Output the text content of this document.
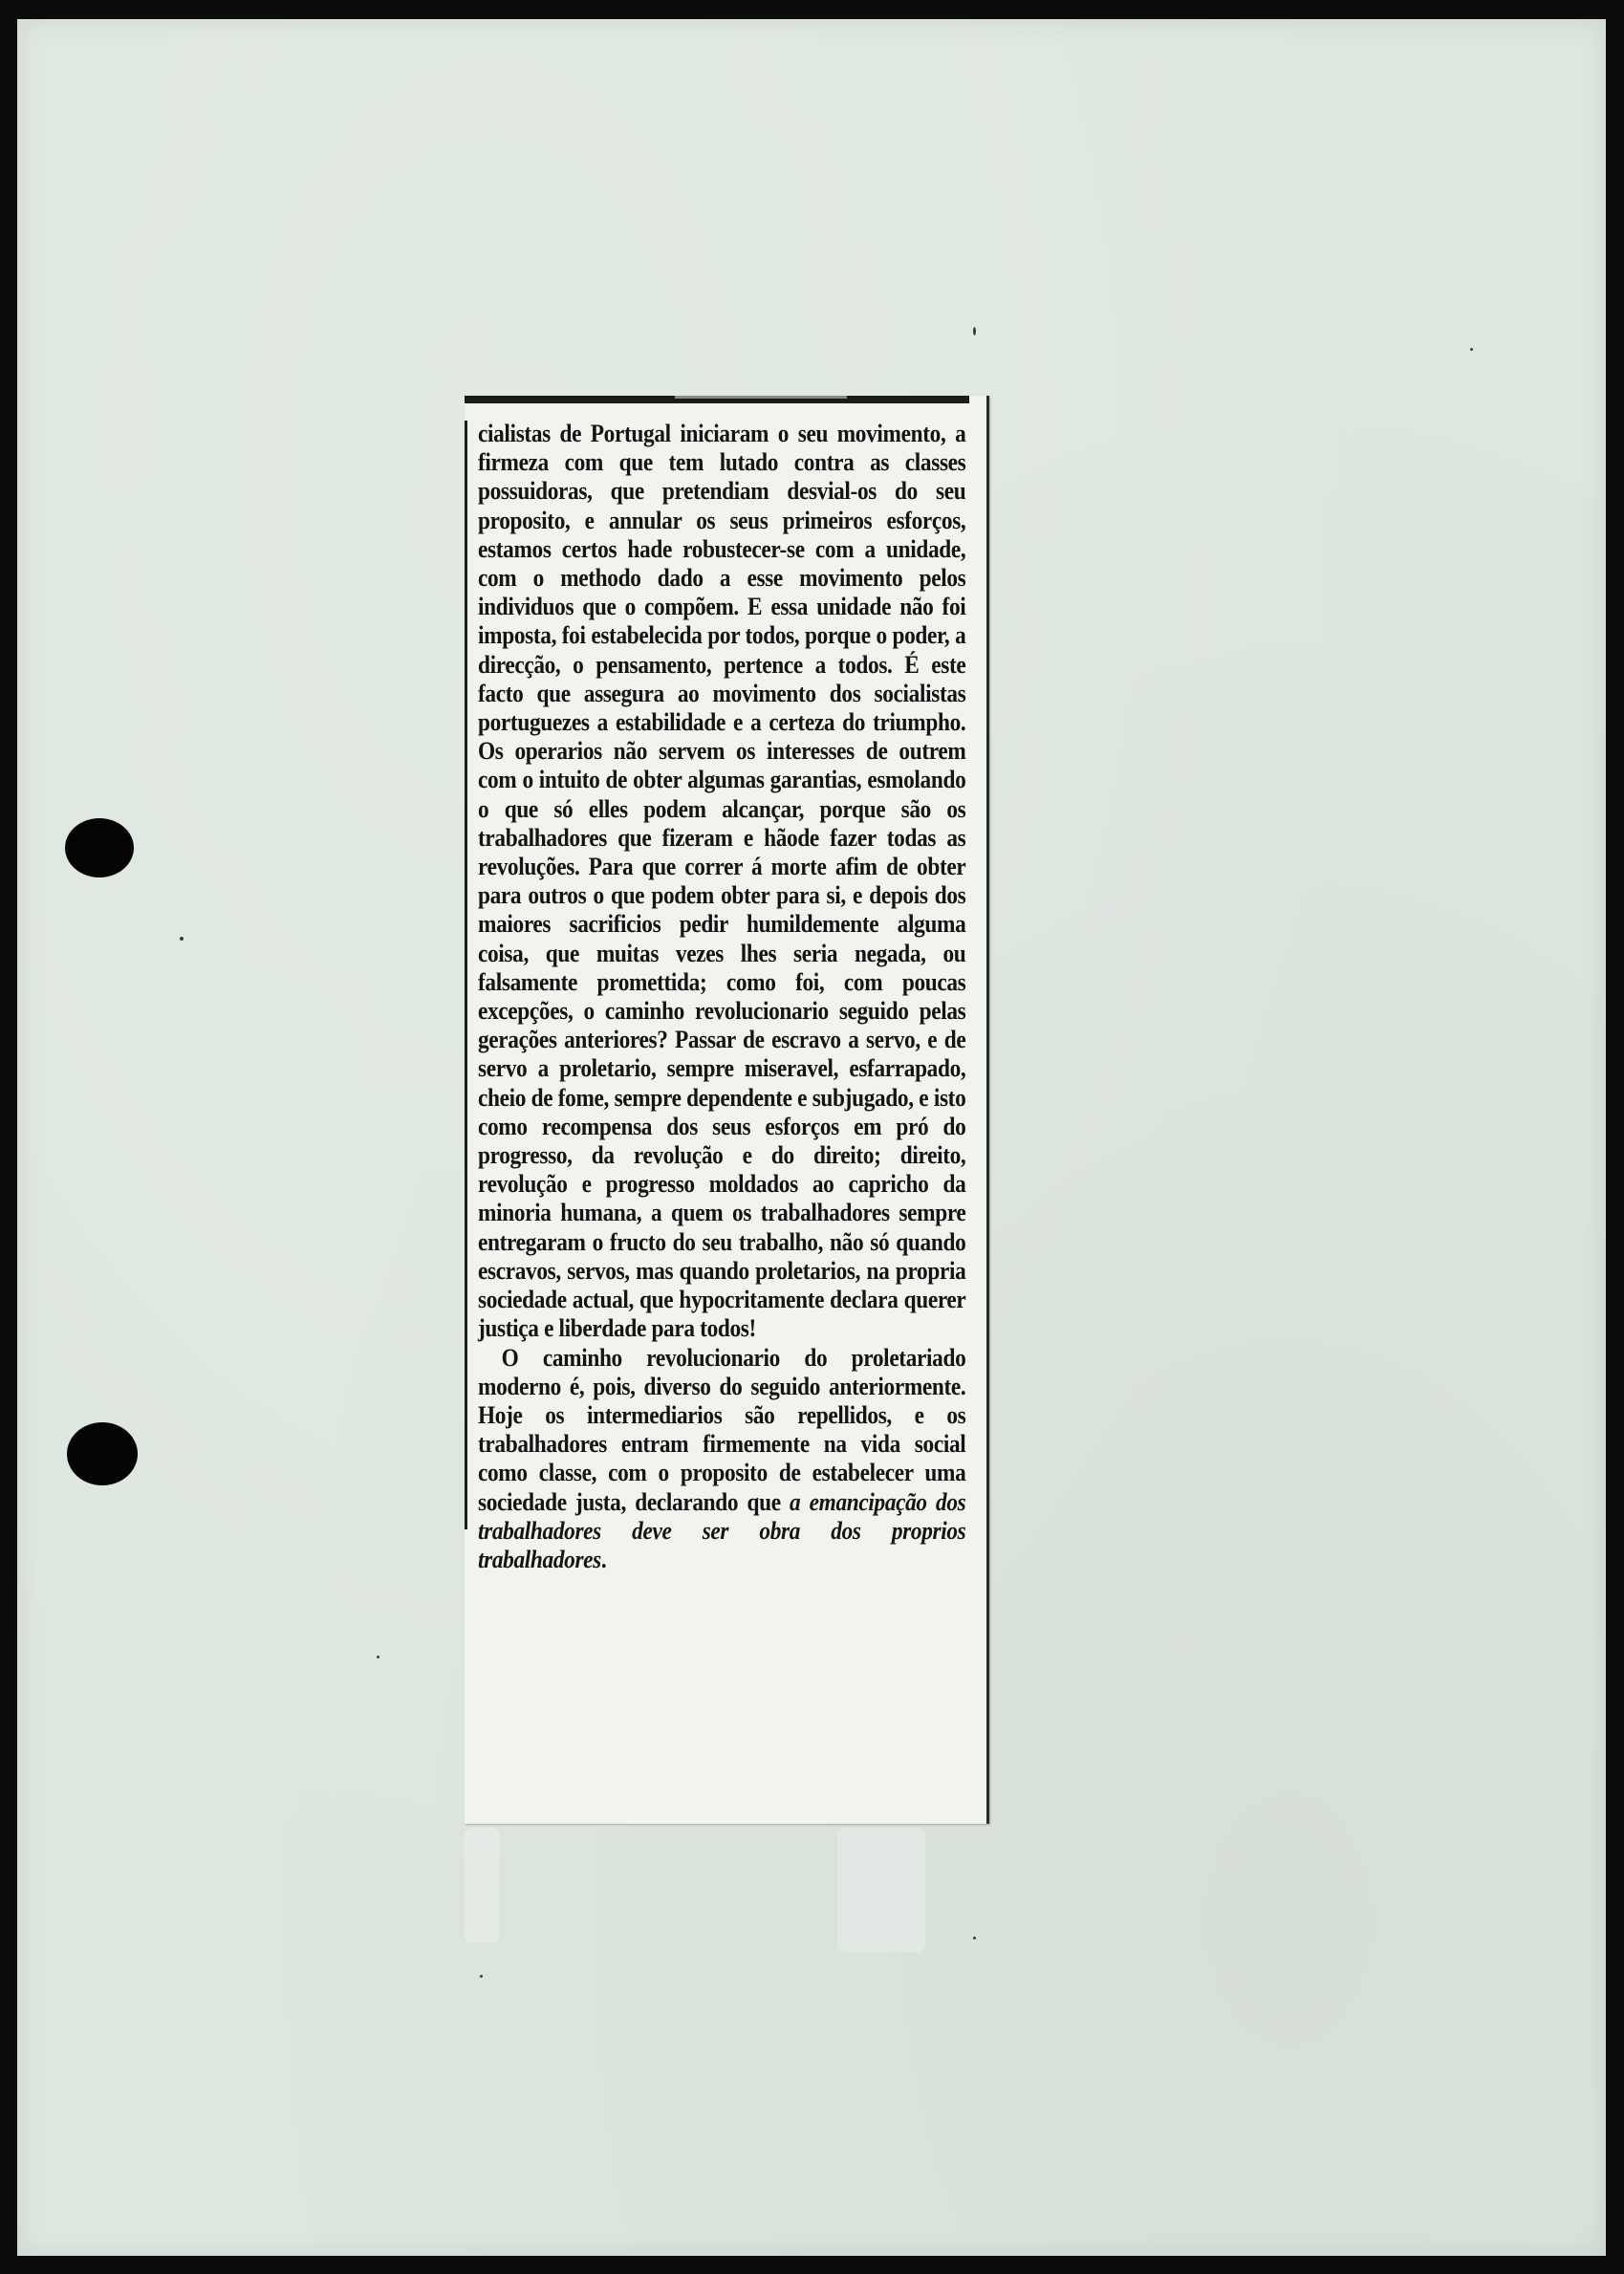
cialistas de Portugal iniciaram o seu movimento, a firmeza com que tem lutado contra as classes possuidoras, que pretendiam desvial-os do seu proposito, e annular os seus primeiros esforços, estamos certos hade robustecer-se com a unidade, com o methodo dado a esse movimento pelos individuos que o compõem. E essa unidade não foi imposta, foi estabelecida por todos, porque o poder, a direcção, o pensamento, pertence a todos. É este facto que assegura ao movimento dos socialistas portuguezes a estabilidade e a certeza do triumpho. Os operarios não servem os interesses de outrem com o intuito de obter algumas garantias, esmolando o que só elles podem alcançar, porque são os trabalhadores que fizeram e hãode fazer todas as revoluções. Para que correr á morte afim de obter para outros o que podem obter para si, e depois dos maiores sacrificios pedir humildemente alguma coisa, que muitas vezes lhes seria negada, ou falsamente promettida; como foi, com poucas excepções, o caminho revolucionario seguido pelas gerações anteriores? Passar de escravo a servo, e de servo a proletario, sempre miseravel, esfarrapado, cheio de fome, sempre dependente e subjugado, e isto como recompensa dos seus esforços em pró do progresso, da revolução e do direito; direito, revolução e progresso moldados ao capricho da minoria humana, a quem os trabalhadores sempre entregaram o fructo do seu trabalho, não só quando escravos, servos, mas quando proletarios, na propria sociedade actual, que hypocritamente declara querer justiça e liberdade para todos!

O caminho revolucionario do proletariado moderno é, pois, diverso do seguido anteriormente. Hoje os intermediarios são repellidos, e os trabalhadores entram firmemente na vida social como classe, com o proposito de estabelecer uma sociedade justa, declarando que a emancipação dos trabalhadores deve ser obra dos proprios trabalhadores.
